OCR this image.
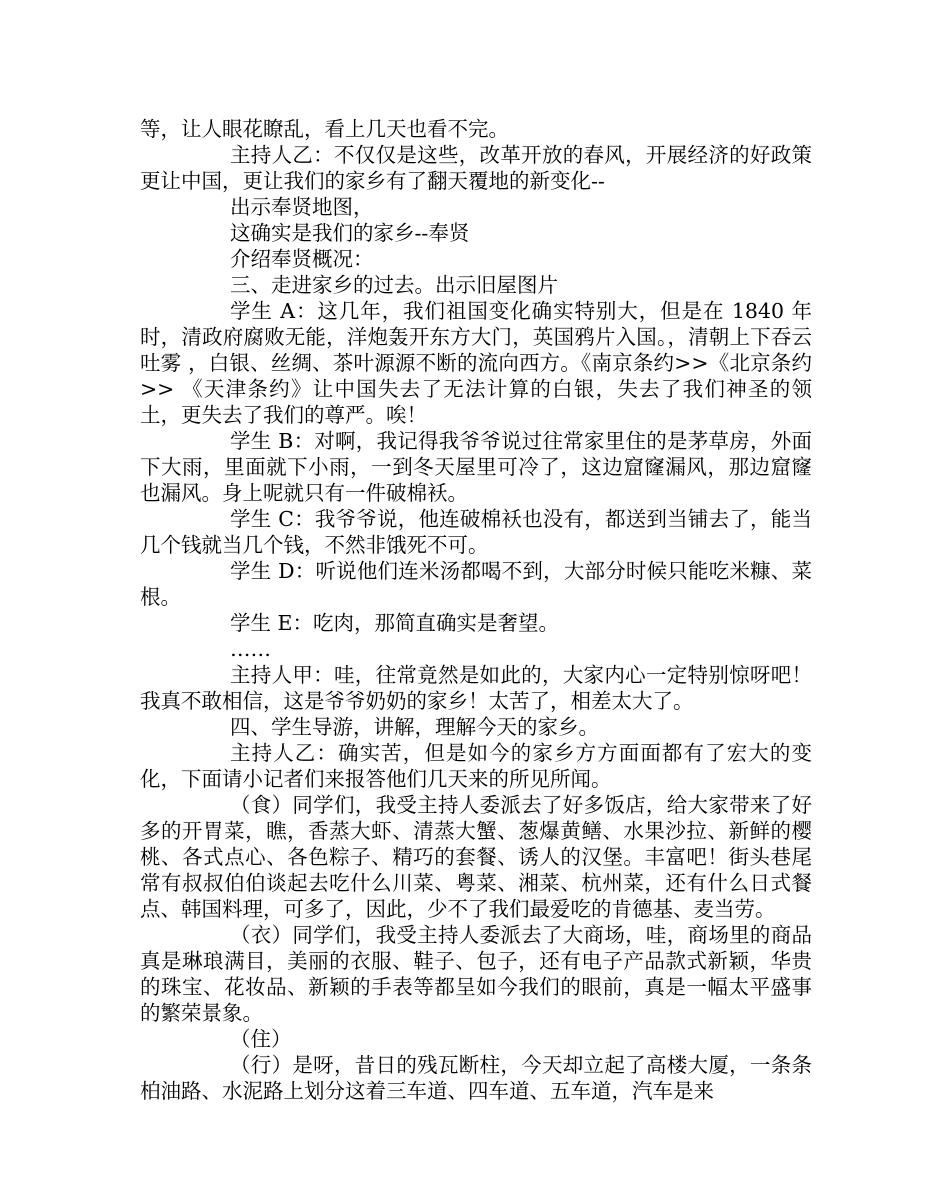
等，让人眼花瞭乱，看上几天也看不完。

主持人乙：不仅仅是这些，改革开放的春风，开展经济的好政策更让中国，更让我们的家乡有了翻天覆地的新变化--

出示奉贤地图，

这确实是我们的家乡--奉贤

介绍奉贤概况：

三、走进家乡的过去。出示旧屋图片

学生 A：这几年，我们祖国变化确实特别大，但是在 1840 年时，清政府腐败无能，洋炮轰开东方大门，英国鸦片入国。，清朝上下吞云吐雾 ，白银、丝绸、茶叶源源不断的流向西方。《南京条约>>《北京条约>> 《天津条约》让中国失去了无法计算的白银，失去了我们神圣的领土，更失去了我们的尊严。唉！

学生 B：对啊，我记得我爷爷说过往常家里住的是茅草房，外面下大雨，里面就下小雨，一到冬天屋里可冷了，这边窟窿漏风，那边窟窿也漏风。身上呢就只有一件破棉袄。

学生 C：我爷爷说，他连破棉袄也没有，都送到当铺去了，能当几个钱就当几个钱，不然非饿死不可。

学生 D：听说他们连米汤都喝不到，大部分时候只能吃米糠、菜根。

学生 E：吃肉，那简直确实是奢望。

……

主持人甲：哇，往常竟然是如此的，大家内心一定特别惊呀吧！我真不敢相信，这是爷爷奶奶的家乡！太苦了，相差太大了。

四、学生导游，讲解，理解今天的家乡。

主持人乙：确实苦，但是如今的家乡方方面面都有了宏大的变化，下面请小记者们来报答他们几天来的所见所闻。

（食）同学们，我受主持人委派去了好多饭店，给大家带来了好多的开胃菜，瞧，香蒸大虾、清蒸大蟹、葱爆黄鳝、水果沙拉、新鲜的樱桃、各式点心、各色粽子、精巧的套餐、诱人的汉堡。丰富吧！街头巷尾常有叔叔伯伯谈起去吃什么川菜、粤菜、湘菜、杭州菜，还有什么日式餐点、韩国料理，可多了，因此，少不了我们最爱吃的肯德基、麦当劳。

（衣）同学们，我受主持人委派去了大商场，哇，商场里的商品真是琳琅满目，美丽的衣服、鞋子、包子，还有电子产品款式新颖，华贵的珠宝、花妆品、新颖的手表等都呈如今我们的眼前，真是一幅太平盛事的繁荣景象。

（住）

（行）是呀，昔日的残瓦断柱，今天却立起了高楼大厦，一条条柏油路、水泥路上划分这着三车道、四车道、五车道，汽车是来
